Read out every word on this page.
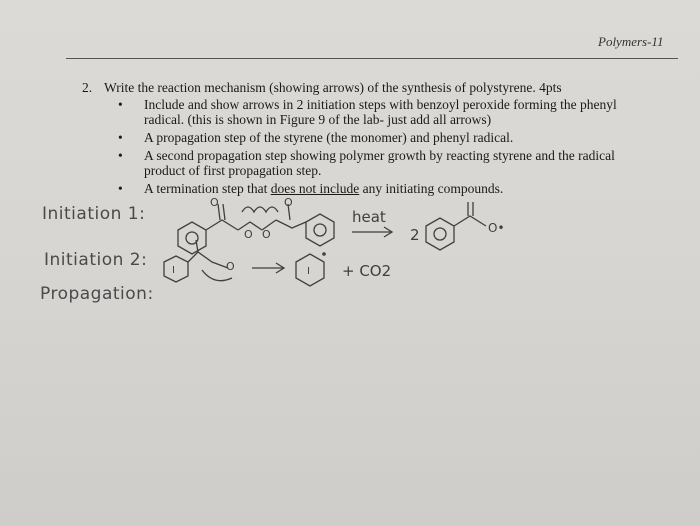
Polymers-11
2. Write the reaction mechanism (showing arrows) of the synthesis of polystyrene. 4pts
• Include and show arrows in 2 initiation steps with benzoyl peroxide forming the phenyl radical. (this is shown in Figure 9 of the lab- just add all arrows)
• A propagation step of the styrene (the monomer) and phenyl radical.
• A second propagation step showing polymer growth by reacting styrene and the radical product of first propagation step.
• A termination step that does not include any initiating compounds.
Initiation 1:
Initiation 2:
Propagation:
O	O
O O
heat
2	O•
I	O	I + CO2
